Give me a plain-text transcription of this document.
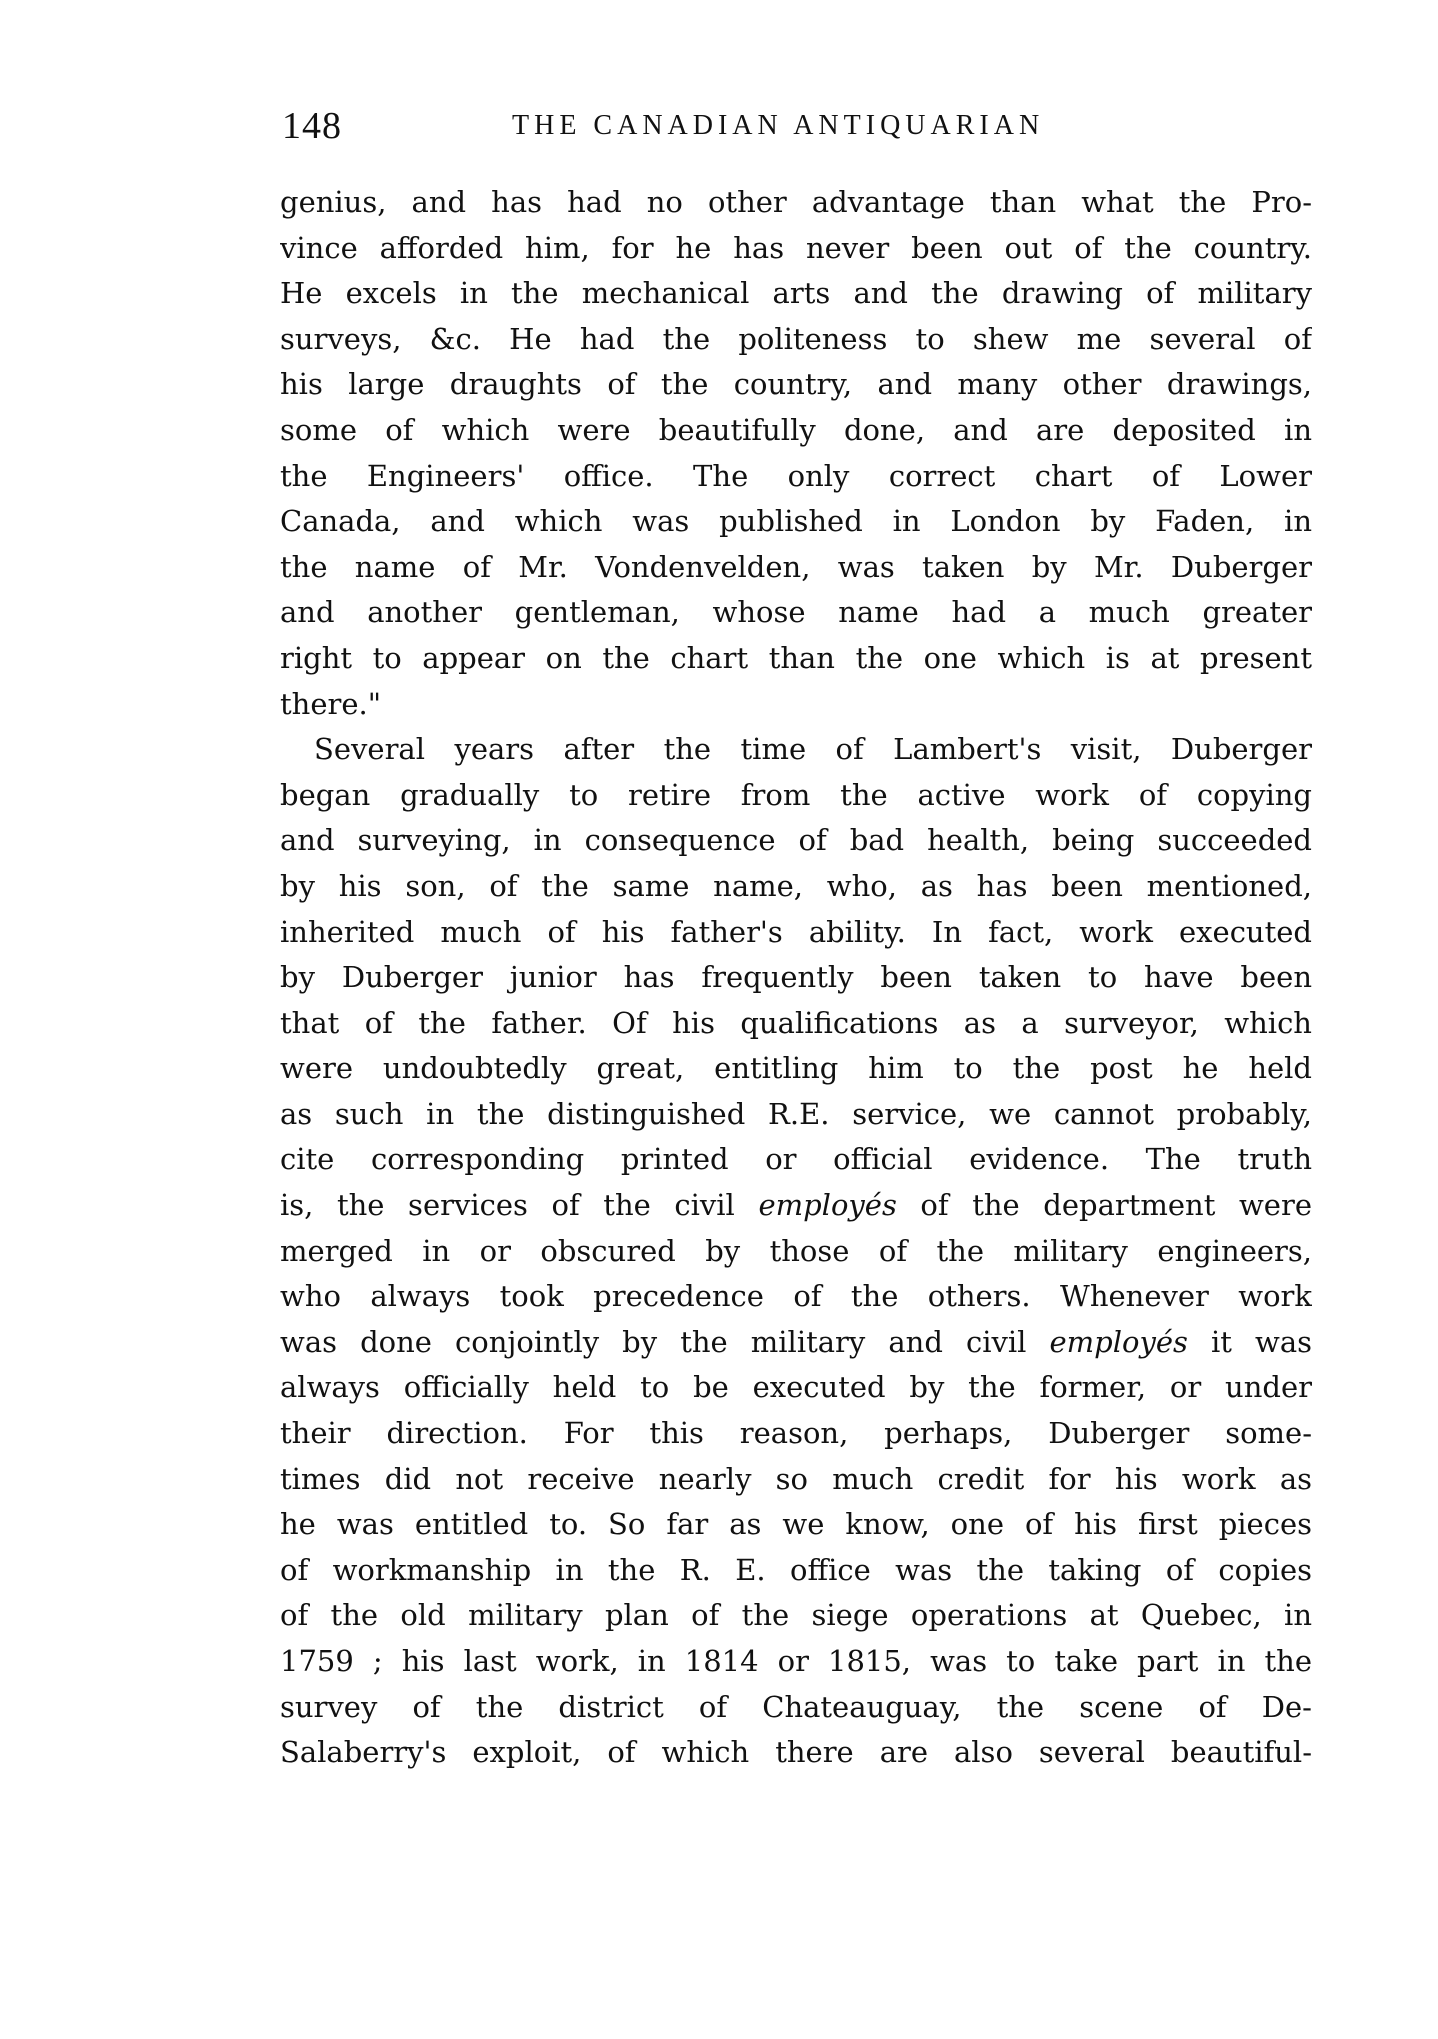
148	THE CANADIAN ANTIQUARIAN
genius, and has had no other advantage than what the Pro-
vince afforded him, for he has never been out of the country.
He excels in the mechanical arts and the drawing of military
surveys, &c. He had the politeness to shew me several of
his large draughts of the country, and many other drawings,
some of which were beautifully done, and are deposited in
the Engineers' office. The only correct chart of Lower
Canada, and which was published in London by Faden, in
the name of Mr. Vondenvelden, was taken by Mr. Duberger
and another gentleman, whose name had a much greater
right to appear on the chart than the one which is at present
there."
Several years after the time of Lambert's visit, Duberger
began gradually to retire from the active work of copying
and surveying, in consequence of bad health, being succeeded
by his son, of the same name, who, as has been mentioned,
inherited much of his father's ability. In fact, work executed
by Duberger junior has frequently been taken to have been
that of the father. Of his qualifications as a surveyor, which
were undoubtedly great, entitling him to the post he held
as such in the distinguished R.E. service, we cannot probably,
cite corresponding printed or official evidence. The truth
is, the services of the civil employés of the department were
merged in or obscured by those of the military engineers,
who always took precedence of the others. Whenever work
was done conjointly by the military and civil employés it was
always officially held to be executed by the former, or under
their direction. For this reason, perhaps, Duberger some-
times did not receive nearly so much credit for his work as
he was entitled to. So far as we know, one of his first pieces
of workmanship in the R. E. office was the taking of copies
of the old military plan of the siege operations at Quebec, in
1759 ; his last work, in 1814 or 1815, was to take part in the
survey of the district of Chateauguay, the scene of De-
Salaberry's exploit, of which there are also several beautiful-
